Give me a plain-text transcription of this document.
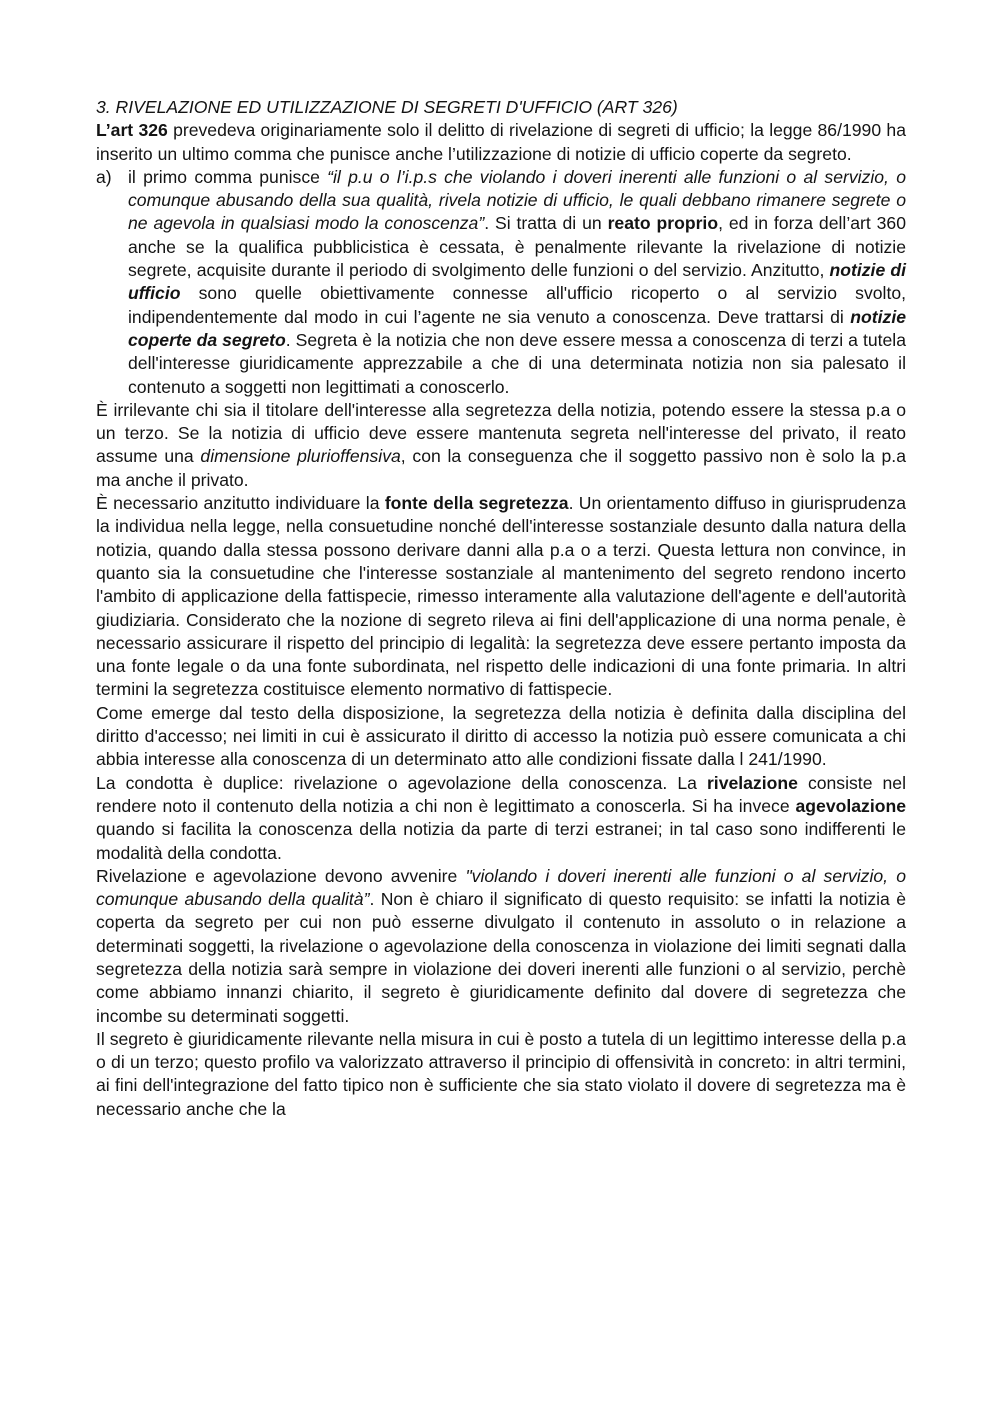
3. RIVELAZIONE ED UTILIZZAZIONE DI SEGRETI D'UFFICIO (ART 326)

L’art 326 prevedeva originariamente solo il delitto di rivelazione di segreti di ufficio; la legge 86/1990 ha inserito un ultimo comma che punisce anche l’utilizzazione di notizie di ufficio coperte da segreto.

a) il primo comma punisce “il p.u o l’i.p.s che violando i doveri inerenti alle funzioni o al servizio, o comunque abusando della sua qualità, rivela notizie di ufficio, le quali debbano rimanere segrete o ne agevola in qualsiasi modo la conoscenza”. Si tratta di un reato proprio, ed in forza dell’art 360 anche se la qualifica pubblicistica è cessata, è penalmente rilevante la rivelazione di notizie segrete, acquisite durante il periodo di svolgimento delle funzioni o del servizio. Anzitutto, notizie di ufficio sono quelle obiettivamente connesse all'ufficio ricoperto o al servizio svolto, indipendentemente dal modo in cui l’agente ne sia venuto a conoscenza. Deve trattarsi di notizie coperte da segreto. Segreta è la notizia che non deve essere messa a conoscenza di terzi a tutela dell'interesse giuridicamente apprezzabile a che di una determinata notizia non sia palesato il contenuto a soggetti non legittimati a conoscerlo.

È irrilevante chi sia il titolare dell'interesse alla segretezza della notizia, potendo essere la stessa p.a o un terzo. Se la notizia di ufficio deve essere mantenuta segreta nell'interesse del privato, il reato assume una dimensione plurioffensiva, con la conseguenza che il soggetto passivo non è solo la p.a ma anche il privato.

È necessario anzitutto individuare la fonte della segretezza. Un orientamento diffuso in giurisprudenza la individua nella legge, nella consuetudine nonché dell'interesse sostanziale desunto dalla natura della notizia, quando dalla stessa possono derivare danni alla p.a o a terzi. Questa lettura non convince, in quanto sia la consuetudine che l'interesse sostanziale al mantenimento del segreto rendono incerto l'ambito di applicazione della fattispecie, rimesso interamente alla valutazione dell'agente e dell'autorità giudiziaria. Considerato che la nozione di segreto rileva ai fini dell'applicazione di una norma penale, è necessario assicurare il rispetto del principio di legalità: la segretezza deve essere pertanto imposta da una fonte legale o da una fonte subordinata, nel rispetto delle indicazioni di una fonte primaria. In altri termini la segretezza costituisce elemento normativo di fattispecie.

Come emerge dal testo della disposizione, la segretezza della notizia è definita dalla disciplina del diritto d'accesso; nei limiti in cui è assicurato il diritto di accesso la notizia può essere comunicata a chi abbia interesse alla conoscenza di un determinato atto alle condizioni fissate dalla l 241/1990.

La condotta è duplice: rivelazione o agevolazione della conoscenza. La rivelazione consiste nel rendere noto il contenuto della notizia a chi non è legittimato a conoscerla. Si ha invece agevolazione quando si facilita la conoscenza della notizia da parte di terzi estranei; in tal caso sono indifferenti le modalità della condotta.

Rivelazione e agevolazione devono avvenire "violando i doveri inerenti alle funzioni o al servizio, o comunque abusando della qualità”. Non è chiaro il significato di questo requisito: se infatti la notizia è coperta da segreto per cui non può esserne divulgato il contenuto in assoluto o in relazione a determinati soggetti, la rivelazione o agevolazione della conoscenza in violazione dei limiti segnati dalla segretezza della notizia sarà sempre in violazione dei doveri inerenti alle funzioni o al servizio, perchè come abbiamo innanzi chiarito, il segreto è giuridicamente definito dal dovere di segretezza che incombe su determinati soggetti.

Il segreto è giuridicamente rilevante nella misura in cui è posto a tutela di un legittimo interesse della p.a o di un terzo; questo profilo va valorizzato attraverso il principio di offensività in concreto: in altri termini, ai fini dell'integrazione del fatto tipico non è sufficiente che sia stato violato il dovere di segretezza ma è necessario anche che la
